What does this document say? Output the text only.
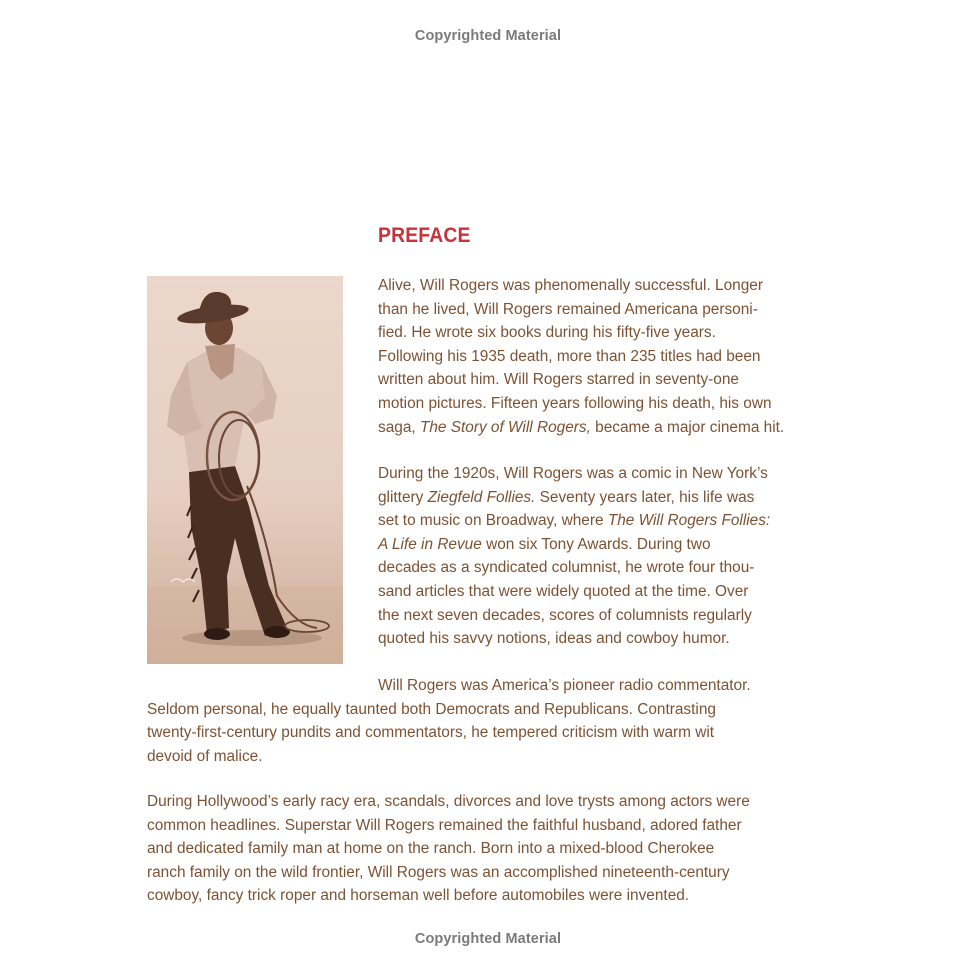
Copyrighted Material
PREFACE

Alive, Will Rogers was phenomenally successful. Longer

than he lived, Will Rogers remained Americana personi-

fied. He wrote six books during his fifty-five years.

Following his 1935 death, more than 235 titles had been

written about him. Will Rogers starred in seventy-one

motion pictures. Fifteen years following his death, his own

saga, The Story of Will Rogers, became a major cinema hit.

During the 1920s, Will Rogers was a comic in New York’s

glittery Ziegfeld Follies. Seventy years later, his life was

set to music on Broadway, where The Will Rogers Follies:

A Life in Revue won six Tony Awards. During two

decades as a syndicated columnist, he wrote four thou-

sand articles that were widely quoted at the time. Over

the next seven decades, scores of columnists regularly

quoted his savvy notions, ideas and cowboy humor.

Will Rogers was America’s pioneer radio commentator.

Seldom personal, he equally taunted both Democrats and Republicans. Contrasting

twenty-first-century pundits and commentators, he tempered criticism with warm wit

devoid of malice.

During Hollywood’s early racy era, scandals, divorces and love trysts among actors were

common headlines. Superstar Will Rogers remained the faithful husband, adored father

and dedicated family man at home on the ranch. Born into a mixed-blood Cherokee

ranch family on the wild frontier, Will Rogers was an accomplished nineteenth-century

cowboy, fancy trick roper and horseman well before automobiles were invented.

Copyrighted Material
